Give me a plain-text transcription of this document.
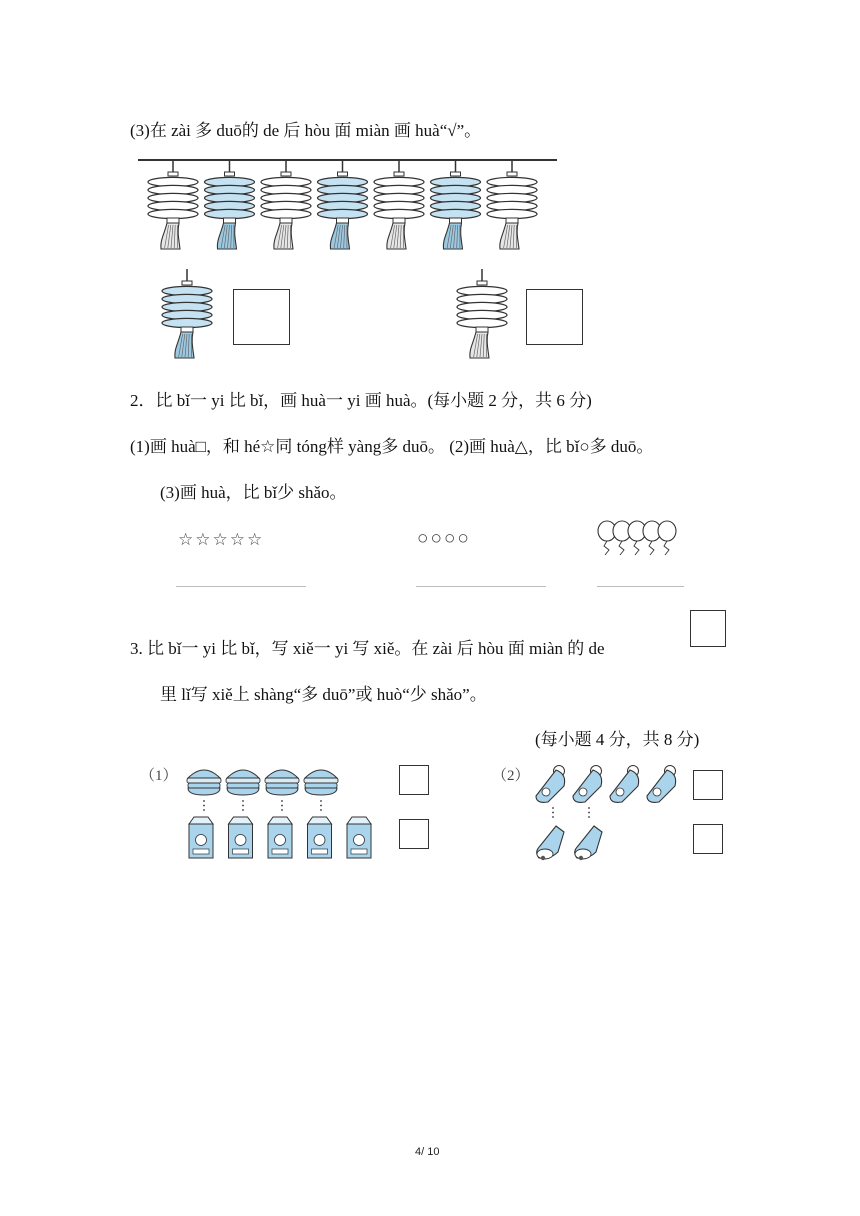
(3)在 zài 多 duō的 de 后 hòu 面 miàn 画 huà“√”。
2．比 bǐ一 yi 比 bǐ，画 huà一 yi 画 huà。(每小题 2 分，共 6 分)
(1)画 huà□，和 hé☆同 tóng样 yàng多 duō。 (2)画 huà△，比 bǐ○多 duō。
(3)画 huà，比 bǐ少 shǎo。
☆☆☆☆☆	○○○○
3. 比 bǐ一 yi 比 bǐ，写 xiě一 yi 写 xiě。在 zài 后 hòu 面 miàn 的 de
里 lǐ写 xiě上 shàng“多 duō”或 huò“少 shǎo”。
(每小题 4 分，共 8 分)
（1）	（2）
4/ 10
